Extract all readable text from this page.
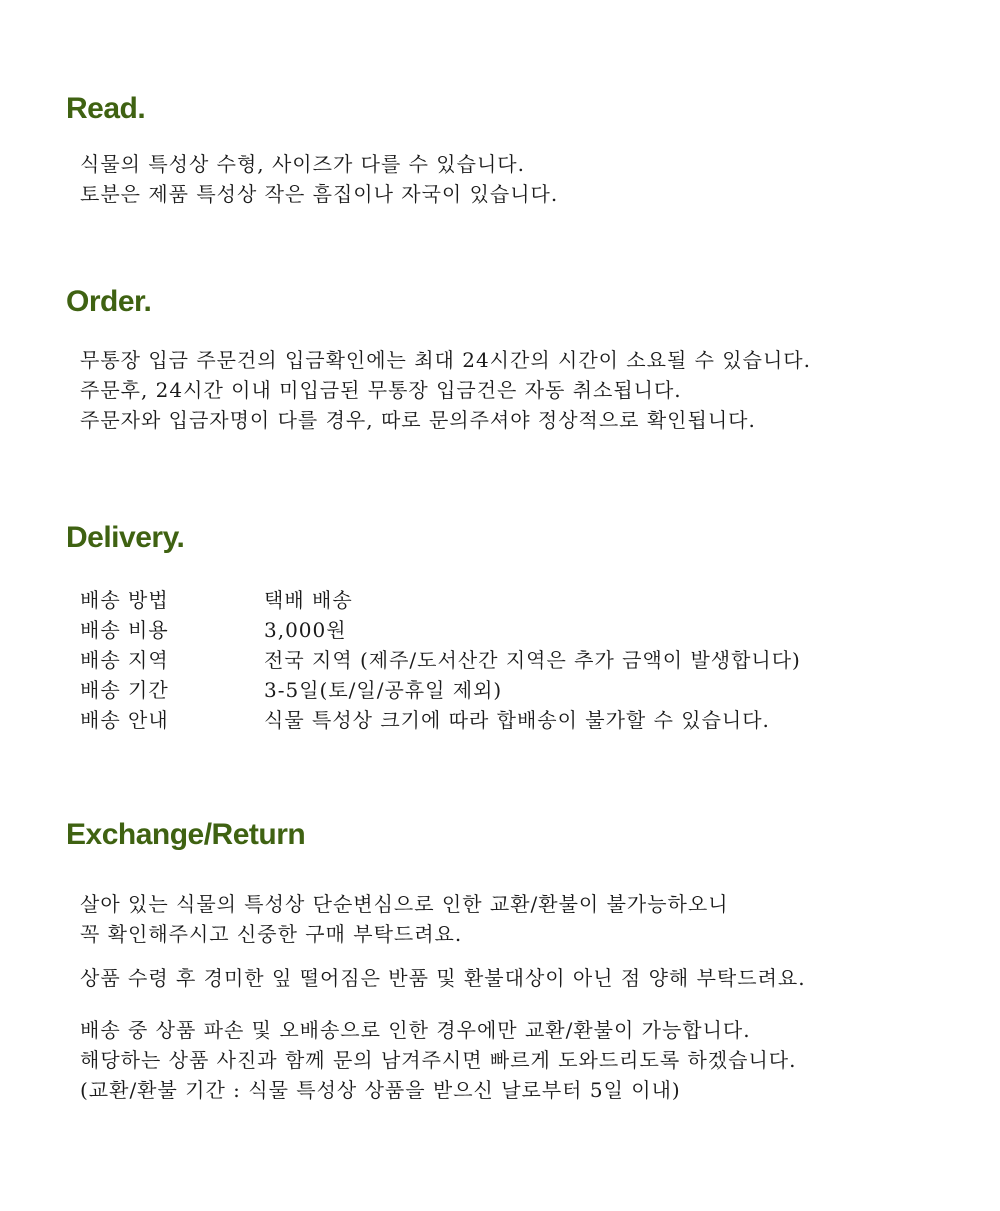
Read.
식물의 특성상 수형, 사이즈가 다를 수 있습니다.
토분은 제품 특성상 작은 흠집이나 자국이 있습니다.
Order.
무통장 입금 주문건의 입금확인에는 최대 24시간의 시간이 소요될 수 있습니다.
주문후, 24시간 이내 미입금된 무통장 입금건은 자동 취소됩니다.
주문자와 입금자명이 다를 경우, 따로 문의주셔야 정상적으로 확인됩니다.
Delivery.
배송 방법	택배 배송
배송 비용	3,000원
배송 지역	전국 지역 (제주/도서산간 지역은 추가 금액이 발생합니다)
배송 기간	3-5일(토/일/공휴일 제외)
배송 안내	식물 특성상 크기에 따라 합배송이 불가할 수 있습니다.
Exchange/Return
살아 있는 식물의 특성상 단순변심으로 인한 교환/환불이 불가능하오니
꼭 확인해주시고 신중한 구매 부탁드려요.
상품 수령 후 경미한 잎 떨어짐은 반품 및 환불대상이 아닌 점 양해 부탁드려요.
배송 중 상품 파손 및 오배송으로 인한 경우에만 교환/환불이 가능합니다.
해당하는 상품 사진과 함께 문의 남겨주시면 빠르게 도와드리도록 하겠습니다.
(교환/환불 기간 : 식물 특성상 상품을 받으신 날로부터 5일 이내)
